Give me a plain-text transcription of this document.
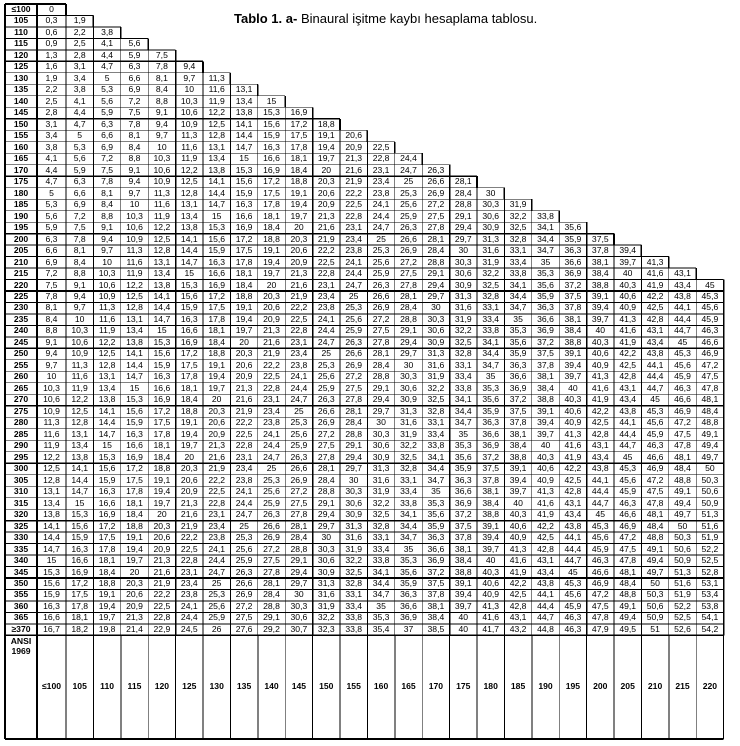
Tablo 1. a- Binaural işitme kaybı hesaplama tablosu.
≤100	0
105	0,3	1,9
110	0,6	2,2	3,8
115	0,9	2,5	4,1	5,6
120	1,3	2,8	4,4	5,9	7,5
125	1,6	3,1	4,7	6,3	7,8	9,4
130	1,9	3,4	5	6,6	8,1	9,7	11,3
135	2,2	3,8	5,3	6,9	8,4	10	11,6	13,1
140	2,5	4,1	5,6	7,2	8,8	10,3	11,9	13,4	15
145	2,8	4,4	5,9	7,5	9,1	10,6	12,2	13,8	15,3	16,9
150	3,1	4,7	6,3	7,8	9,4	10,9	12,5	14,1	15,6	17,2	18,8
155	3,4	5	6,6	8,1	9,7	11,3	12,8	14,4	15,9	17,5	19,1	20,6
160	3,8	5,3	6,9	8,4	10	11,6	13,1	14,7	16,3	17,8	19,4	20,9	22,5
165	4,1	5,6	7,2	8,8	10,3	11,9	13,4	15	16,6	18,1	19,7	21,3	22,8	24,4
170	4,4	5,9	7,5	9,1	10,6	12,2	13,8	15,3	16,9	18,4	20	21,6	23,1	24,7	26,3
175	4,7	6,3	7,8	9,4	10,9	12,5	14,1	15,6	17,2	18,8	20,3	21,9	23,4	25	26,6	28,1
180	5	6,6	8,1	9,7	11,3	12,8	14,4	15,9	17,5	19,1	20,6	22,2	23,8	25,3	26,9	28,4	30
185	5,3	6,9	8,4	10	11,6	13,1	14,7	16,3	17,8	19,4	20,9	22,5	24,1	25,6	27,2	28,8	30,3	31,9
190	5,6	7,2	8,8	10,3	11,9	13,4	15	16,6	18,1	19,7	21,3	22,8	24,4	25,9	27,5	29,1	30,6	32,2	33,8
195	5,9	7,5	9,1	10,6	12,2	13,8	15,3	16,9	18,4	20	21,6	23,1	24,7	26,3	27,8	29,4	30,9	32,5	34,1	35,6
200	6,3	7,8	9,4	10,9	12,5	14,1	15,6	17,2	18,8	20,3	21,9	23,4	25	26,6	28,1	29,7	31,3	32,8	34,4	35,9	37,5
205	6,6	8,1	9,7	11,3	12,8	14,4	15,9	17,5	19,1	20,6	22,2	23,8	25,3	26,9	28,4	30	31,6	33,1	34,7	36,3	37,8	39,4
210	6,9	8,4	10	11,6	13,1	14,7	16,3	17,8	19,4	20,9	22,5	24,1	25,6	27,2	28,8	30,3	31,9	33,4	35	36,6	38,1	39,7	41,3
215	7,2	8,8	10,3	11,9	13,4	15	16,6	18,1	19,7	21,3	22,8	24,4	25,9	27,5	29,1	30,6	32,2	33,8	35,3	36,9	38,4	40	41,6	43,1
220	7,5	9,1	10,6	12,2	13,8	15,3	16,9	18,4	20	21,6	23,1	24,7	26,3	27,8	29,4	30,9	32,5	34,1	35,6	37,2	38,8	40,3	41,9	43,4	45
225	7,8	9,4	10,9	12,5	14,1	15,6	17,2	18,8	20,3	21,9	23,4	25	26,6	28,1	29,7	31,3	32,8	34,4	35,9	37,5	39,1	40,6	42,2	43,8	45,3
230	8,1	9,7	11,3	12,8	14,4	15,9	17,5	19,1	20,6	22,2	23,8	25,3	26,9	28,4	30	31,6	33,1	34,7	36,3	37,8	39,4	40,9	42,5	44,1	45,6
235	8,4	10	11,6	13,1	14,7	16,3	17,8	19,4	20,9	22,5	24,1	25,6	27,2	28,8	30,3	31,9	33,4	35	36,6	38,1	39,7	41,3	42,8	44,4	45,9
240	8,8	10,3	11,9	13,4	15	16,6	18,1	19,7	21,3	22,8	24,4	25,9	27,5	29,1	30,6	32,2	33,8	35,3	36,9	38,4	40	41,6	43,1	44,7	46,3
245	9,1	10,6	12,2	13,8	15,3	16,9	18,4	20	21,6	23,1	24,7	26,3	27,8	29,4	30,9	32,5	34,1	35,6	37,2	38,8	40,3	41,9	43,4	45	46,6
250	9,4	10,9	12,5	14,1	15,6	17,2	18,8	20,3	21,9	23,4	25	26,6	28,1	29,7	31,3	32,8	34,4	35,9	37,5	39,1	40,6	42,2	43,8	45,3	46,9
255	9,7	11,3	12,8	14,4	15,9	17,5	19,1	20,6	22,2	23,8	25,3	26,9	28,4	30	31,6	33,1	34,7	36,3	37,8	39,4	40,9	42,5	44,1	45,6	47,2
260	10	11,6	13,1	14,7	16,3	17,8	19,4	20,9	22,5	24,1	25,6	27,2	28,8	30,3	31,9	33,4	35	36,6	38,1	39,7	41,3	42,8	44,4	45,9	47,5
265	10,3	11,9	13,4	15	16,6	18,1	19,7	21,3	22,8	24,4	25,9	27,5	29,1	30,6	32,2	33,8	35,3	36,9	38,4	40	41,6	43,1	44,7	46,3	47,8
270	10,6	12,2	13,8	15,3	16,9	18,4	20	21,6	23,1	24,7	26,3	27,8	29,4	30,9	32,5	34,1	35,6	37,2	38,8	40,3	41,9	43,4	45	46,6	48,1
275	10,9	12,5	14,1	15,6	17,2	18,8	20,3	21,9	23,4	25	26,6	28,1	29,7	31,3	32,8	34,4	35,9	37,5	39,1	40,6	42,2	43,8	45,3	46,9	48,4
280	11,3	12,8	14,4	15,9	17,5	19,1	20,6	22,2	23,8	25,3	26,9	28,4	30	31,6	33,1	34,7	36,3	37,8	39,4	40,9	42,5	44,1	45,6	47,2	48,8
285	11,6	13,1	14,7	16,3	17,8	19,4	20,9	22,5	24,1	25,6	27,2	28,8	30,3	31,9	33,4	35	36,6	38,1	39,7	41,3	42,8	44,4	45,9	47,5	49,1
290	11,9	13,4	15	16,6	18,1	19,7	21,3	22,8	24,4	25,9	27,5	29,1	30,6	32,2	33,8	35,3	36,9	38,4	40	41,6	43,1	44,7	46,3	47,8	49,4
295	12,2	13,8	15,3	16,9	18,4	20	21,6	23,1	24,7	26,3	27,8	29,4	30,9	32,5	34,1	35,6	37,2	38,8	40,3	41,9	43,4	45	46,6	48,1	49,7
300	12,5	14,1	15,6	17,2	18,8	20,3	21,9	23,4	25	26,6	28,1	29,7	31,3	32,8	34,4	35,9	37,5	39,1	40,6	42,2	43,8	45,3	46,9	48,4	50
305	12,8	14,4	15,9	17,5	19,1	20,6	22,2	23,8	25,3	26,9	28,4	30	31,6	33,1	34,7	36,3	37,8	39,4	40,9	42,5	44,1	45,6	47,2	48,8	50,3
310	13,1	14,7	16,3	17,8	19,4	20,9	22,5	24,1	25,6	27,2	28,8	30,3	31,9	33,4	35	36,6	38,1	39,7	41,3	42,8	44,4	45,9	47,5	49,1	50,6
315	13,4	15	16,6	18,1	19,7	21,3	22,8	24,4	25,9	27,5	29,1	30,6	32,2	33,8	35,3	36,9	38,4	40	41,6	43,1	44,7	46,3	47,8	49,4	50,9
320	13,8	15,3	16,9	18,4	20	21,6	23,1	24,7	26,3	27,8	29,4	30,9	32,5	34,1	35,6	37,2	38,8	40,3	41,9	43,4	45	46,6	48,1	49,7	51,3
325	14,1	15,6	17,2	18,8	20,3	21,9	23,4	25	26,6	28,1	29,7	31,3	32,8	34,4	35,9	37,5	39,1	40,6	42,2	43,8	45,3	46,9	48,4	50	51,6
330	14,4	15,9	17,5	19,1	20,6	22,2	23,8	25,3	26,9	28,4	30	31,6	33,1	34,7	36,3	37,8	39,4	40,9	42,5	44,1	45,6	47,2	48,8	50,3	51,9
335	14,7	16,3	17,8	19,4	20,9	22,5	24,1	25,6	27,2	28,8	30,3	31,9	33,4	35	36,6	38,1	39,7	41,3	42,8	44,4	45,9	47,5	49,1	50,6	52,2
340	15	16,6	18,1	19,7	21,3	22,8	24,4	25,9	27,5	29,1	30,6	32,2	33,8	35,3	36,9	38,4	40	41,6	43,1	44,7	46,3	47,8	49,4	50,9	52,5
345	15,3	16,9	18,4	20	21,6	23,1	24,7	26,3	27,8	29,4	30,9	32,5	34,1	35,6	37,2	38,8	40,3	41,9	43,4	45	46,6	48,1	49,7	51,3	52,8
350	15,6	17,2	18,8	20,3	21,9	23,4	25	26,6	28,1	29,7	31,3	32,8	34,4	35,9	37,5	39,1	40,6	42,2	43,8	45,3	46,9	48,4	50	51,6	53,1
355	15,9	17,5	19,1	20,6	22,2	23,8	25,3	26,9	28,4	30	31,6	33,1	34,7	36,3	37,8	39,4	40,9	42,5	44,1	45,6	47,2	48,8	50,3	51,9	53,4
360	16,3	17,8	19,4	20,9	22,5	24,1	25,6	27,2	28,8	30,3	31,9	33,4	35	36,6	38,1	39,7	41,3	42,8	44,4	45,9	47,5	49,1	50,6	52,2	53,8
365	16,6	18,1	19,7	21,3	22,8	24,4	25,9	27,5	29,1	30,6	32,2	33,8	35,3	36,9	38,4	40	41,6	43,1	44,7	46,3	47,8	49,4	50,9	52,5	54,1
≥370	16,7	18,2	19,8	21,4	22,9	24,5	26	27,6	29,2	30,7	32,3	33,8	35,4	37	38,5	40	41,7	43,2	44,8	46,3	47,9	49,5	51	52,6	54,2
≤100	105	110	115	120	125	130	135	140	145	150	155	160	165	170	175	180	185	190	195	200	205	210	215	220
ANSI
1969
